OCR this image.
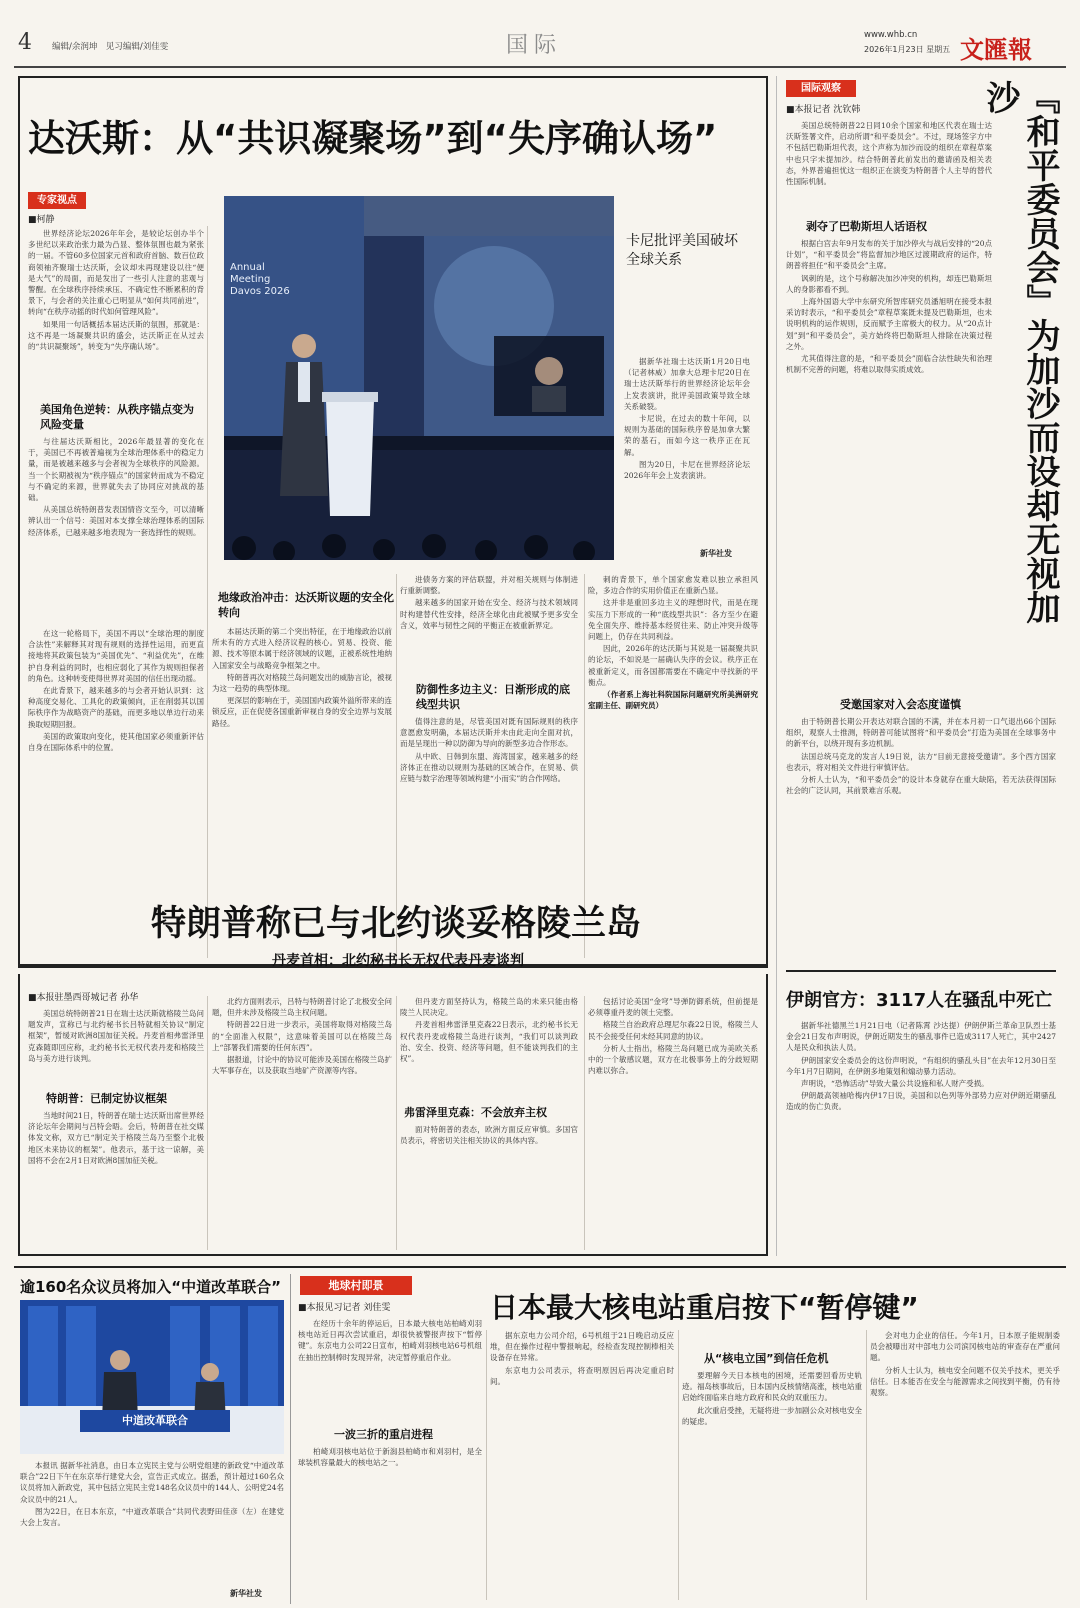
4 编辑/余润坤　见习编辑/刘佳雯	国际	www.whb.cn
2026年1月23日 星期五 文匯報
达沃斯：从“共识凝聚场”到“失序确认场”
专家视点
■柯静

世界经济论坛2026年年会，是较论坛创办半个多世纪以来政治张力最为凸显、整体氛围也最为紧张的一届。不管60多位国家元首和政府首脑、数百位政商领袖齐聚瑞士达沃斯，会议却未再现建设以往“便是大气”的局面，而是发出了一些引人注意的悲观与警醒。在全球秩序持续承压、不确定性不断累积的背景下，与会者的关注重心已明显从“如何共同前进”，转向“在秩序动摇的时代如何管理风险”。

如果用一句话概括本届达沃斯的氛围，那就是：这不再是一场凝聚共识的盛会，达沃斯正在从过去的“共识凝聚场”，转变为“失序确认场”。

美国角色逆转：从秩序锚点变为风险变量

与往届达沃斯相比，2026年最显著的变化在于，美国已不再被普遍视为全球治理体系中的稳定力量，而是被越来越多与会者视为全球秩序的风险源。当一个长期被视为“秩序锚点”的国家转而成为不稳定与不确定的来源，世界就失去了协同应对挑战的基础。

从美国总统特朗普发表国情咨文至今，可以清晰辨认出一个信号：美国对本支撑全球治理体系的国际经济体系，已越来越多地表现为一套选择性的规则。

在这一轮格局下，美国不再以“全球治理的制度合法性”来解释其对现有规则的选择性运用，而更直接地将其政策包装为“美国优先”、“利益优先”，在维护自身利益的同时，也相应弱化了其作为规则担保者的角色。这种转变使得世界对美国的信任出现动摇。

在此背景下，越来越多的与会者开始认识到：这种高度交易化、工具化的政策倾向，正在削弱其以国际秩序作为战略资产的基础，而更多地以单边行动来换取短期回报。

美国的政策取向变化，使其他国家必须重新评估自身在国际体系中的位置。

Annual Meeting Davos 2026
卡尼批评美国破坏全球关系

据新华社瑞士达沃斯1月20日电（记者林威）加拿大总理卡尼20日在瑞士达沃斯举行的世界经济论坛年会上发表演讲，批评美国政策导致全球关系破裂。

卡尼说，在过去的数十年间，以规则为基础的国际秩序曾是加拿大繁荣的基石，而如今这一秩序正在瓦解。

图为20日，卡尼在世界经济论坛2026年年会上发表演讲。

新华社发
地缘政治冲击：达沃斯议题的安全化转向

本届达沃斯的第二个突出特征，在于地缘政治以前所未有的方式进入经济议程的核心。贸易、投资、能源、技术等原本属于经济领域的议题，正被系统性地纳入国家安全与战略竞争框架之中。

特朗普再次对格陵兰岛问题发出的威胁言论，被视为这一趋势的典型体现。

更深层的影响在于，美国国内政策外溢所带来的连锁反应，正在促使各国重新审视自身的安全边界与发展路径。

进债务方案的评估联盟，并对相关规则与体制进行重新调整。

越来越多的国家开始在安全、经济与技术领域同时构建替代性安排，经济全球化由此被赋予更多安全含义，效率与韧性之间的平衡正在被重新界定。

防御性多边主义：日渐形成的底线型共识

值得注意的是，尽管美国对既有国际规则的秩序意愿愈发明确，本届达沃斯并未由此走向全面对抗，而是呈现出一种以防御为导向的新型多边合作形态。

从中欧、日韩到东盟、海湾国家，越来越多的经济体正在推动以规则为基础的区域合作，在贸易、供应链与数字治理等领域构建“小而实”的合作网络。

刺的背景下，单个国家愈发难以独立承担风险，多边合作的实用价值正在重新凸显。

这并非是重回多边主义的理想时代，而是在现实压力下形成的一种“底线型共识”：各方至少在避免全面失序、维持基本经贸往来、防止冲突升级等问题上，仍存在共同利益。

因此，2026年的达沃斯与其说是一届凝聚共识的论坛，不如说是一届确认失序的会议。秩序正在被重新定义，而各国都需要在不确定中寻找新的平衡点。

（作者系上海社科院国际问题研究所美洲研究室副主任、副研究员）

国际观察
■本报记者 沈钦韩	『和平委员会』为加沙而设却无视加沙

美国总统特朗普22日同10余个国家和地区代表在瑞士达沃斯签署文件，启动所谓“和平委员会”。不过，现场签字方中不包括巴勒斯坦代表，这个声称为加沙而设的组织在章程草案中也只字未提加沙。结合特朗普此前发出的邀请函及相关表态，外界普遍担忧这一组织正在演变为特朗普个人主导的替代性国际机制。

剥夺了巴勒斯坦人话语权

根据白宫去年9月发布的关于加沙停火与战后安排的“20点计划”，“和平委员会”将监督加沙地区过渡期政府的运作，特朗普将担任“和平委员会”主席。

讽刺的是，这个号称解决加沙冲突的机构，却连巴勒斯坦人的身影都看不到。

上海外国语大学中东研究所智库研究员潘旭明在接受本报采访时表示，“和平委员会”章程草案既未提及巴勒斯坦，也未说明机构的运作规则，反而赋予主席极大的权力。从“20点计划”到“和平委员会”，美方始终将巴勒斯坦人排除在决策过程之外。

尤其值得注意的是，“和平委员会”面临合法性缺失和治理机制不完善的问题，将难以取得实质成效。

受邀国家对入会态度谨慎

由于特朗普长期公开表达对联合国的不满，并在本月初一口气退出66个国际组织，观察人士推测，特朗普可能试图将“和平委员会”打造为美国在全球事务中的新平台，以绕开现有多边机制。

法国总统马克龙的发言人19日说，法方“目前无意接受邀请”。多个西方国家也表示，将对相关文件进行审慎评估。

分析人士认为，“和平委员会”的设计本身就存在重大缺陷，若无法获得国际社会的广泛认同，其前景难言乐观。

特朗普称已与北约谈妥格陵兰岛
丹麦首相：北约秘书长无权代表丹麦谈判
■本报驻墨西哥城记者 孙华

美国总统特朗普21日在瑞士达沃斯就格陵兰岛问题发声，宣称已与北约秘书长吕特就相关协议“制定框架”，暂缓对欧洲8国加征关税。丹麦首相弗雷泽里克森随即回应称，北约秘书长无权代表丹麦和格陵兰岛与美方进行谈判。

特朗普：已制定协议框架

当地时间21日，特朗普在瑞士达沃斯出席世界经济论坛年会期间与吕特会晤。会后，特朗普在社交媒体发文称，双方已“制定关于格陵兰岛乃至整个北极地区未来协议的框架”。他表示，基于这一谅解，美国将不会在2月1日对欧洲8国加征关税。

北约方面则表示，吕特与特朗普讨论了北极安全问题，但并未涉及格陵兰岛主权问题。

特朗普22日进一步表示，美国将取得对格陵兰岛的“全面准入权限”，这意味着美国可以在格陵兰岛上“部署我们需要的任何东西”。

据报道，讨论中的协议可能涉及美国在格陵兰岛扩大军事存在，以及获取当地矿产资源等内容。

但丹麦方面坚持认为，格陵兰岛的未来只能由格陵兰人民决定。

丹麦首相弗雷泽里克森22日表示，北约秘书长无权代表丹麦或格陵兰岛进行谈判，“我们可以谈判政治、安全、投资、经济等问题，但不能谈判我们的主权”。

弗雷泽里克森：不会放弃主权

面对特朗普的表态，欧洲方面反应审慎。多国官员表示，将密切关注相关协议的具体内容。

包括讨论美国“金穹”导弹防御系统，但前提是必须尊重丹麦的领土完整。

格陵兰自治政府总理尼尔森22日说，格陵兰人民不会接受任何未经其同意的协议。

分析人士指出，格陵兰岛问题已成为美欧关系中的一个敏感议题，双方在北极事务上的分歧短期内难以弥合。

伊朗官方：3117人在骚乱中死亡

据新华社德黑兰1月21日电（记者陈霄 沙达提）伊朗伊斯兰革命卫队烈士基金会21日发布声明说，伊朗近期发生的骚乱事件已造成3117人死亡，其中2427人是民众和执法人员。

伊朗国家安全委员会的这份声明说，“有组织的骚乱头目”在去年12月30日至今年1月7日期间，在伊朗多地策划和煽动暴力活动。

声明说，“恐怖活动”导致大量公共设施和私人财产受损。

伊朗最高领袖哈梅内伊17日说，美国和以色列等外部势力应对伊朗近期骚乱造成的伤亡负责。

逾160名众议员将加入“中道改革联合”
中道改革联合

本报讯 据新华社消息，由日本立宪民主党与公明党组建的新政党“中道改革联合”22日下午在东京举行建党大会，宣告正式成立。据悉，预计超过160名众议员将加入新政党，其中包括立宪民主党148名众议员中的144人、公明党24名众议员中的21人。

图为22日，在日本东京，“中道改革联合”共同代表野田佳彦（左）在建党大会上发言。

新华社发
地球村即景
■本报见习记者 刘佳雯	日本最大核电站重启按下“暂停键”

在经历十余年的停运后，日本最大核电站柏崎刈羽核电站近日再次尝试重启，却很快被警报声按下“暂停键”。东京电力公司22日宣布，柏崎刈羽核电站6号机组在抽出控制棒时发现异常，决定暂停重启作业。

一波三折的重启进程

柏崎刈羽核电站位于新潟县柏崎市和刈羽村，是全球装机容量最大的核电站之一。

据东京电力公司介绍，6号机组于21日晚启动反应堆，但在操作过程中警报响起，经检查发现控制棒相关设备存在异常。

东京电力公司表示，将查明原因后再决定重启时间。

从“核电立国”到信任危机

要理解今天日本核电的困境，还需要回看历史轨迹。福岛核事故后，日本国内反核情绪高涨，核电站重启始终面临来自地方政府和民众的双重压力。

此次重启受挫，无疑将进一步加剧公众对核电安全的疑虑。

会对电力企业的信任。今年1月，日本原子能规制委员会被曝出对中部电力公司滨冈核电站的审查存在严重问题。

分析人士认为，核电安全问题不仅关乎技术，更关乎信任。日本能否在安全与能源需求之间找到平衡，仍有待观察。
